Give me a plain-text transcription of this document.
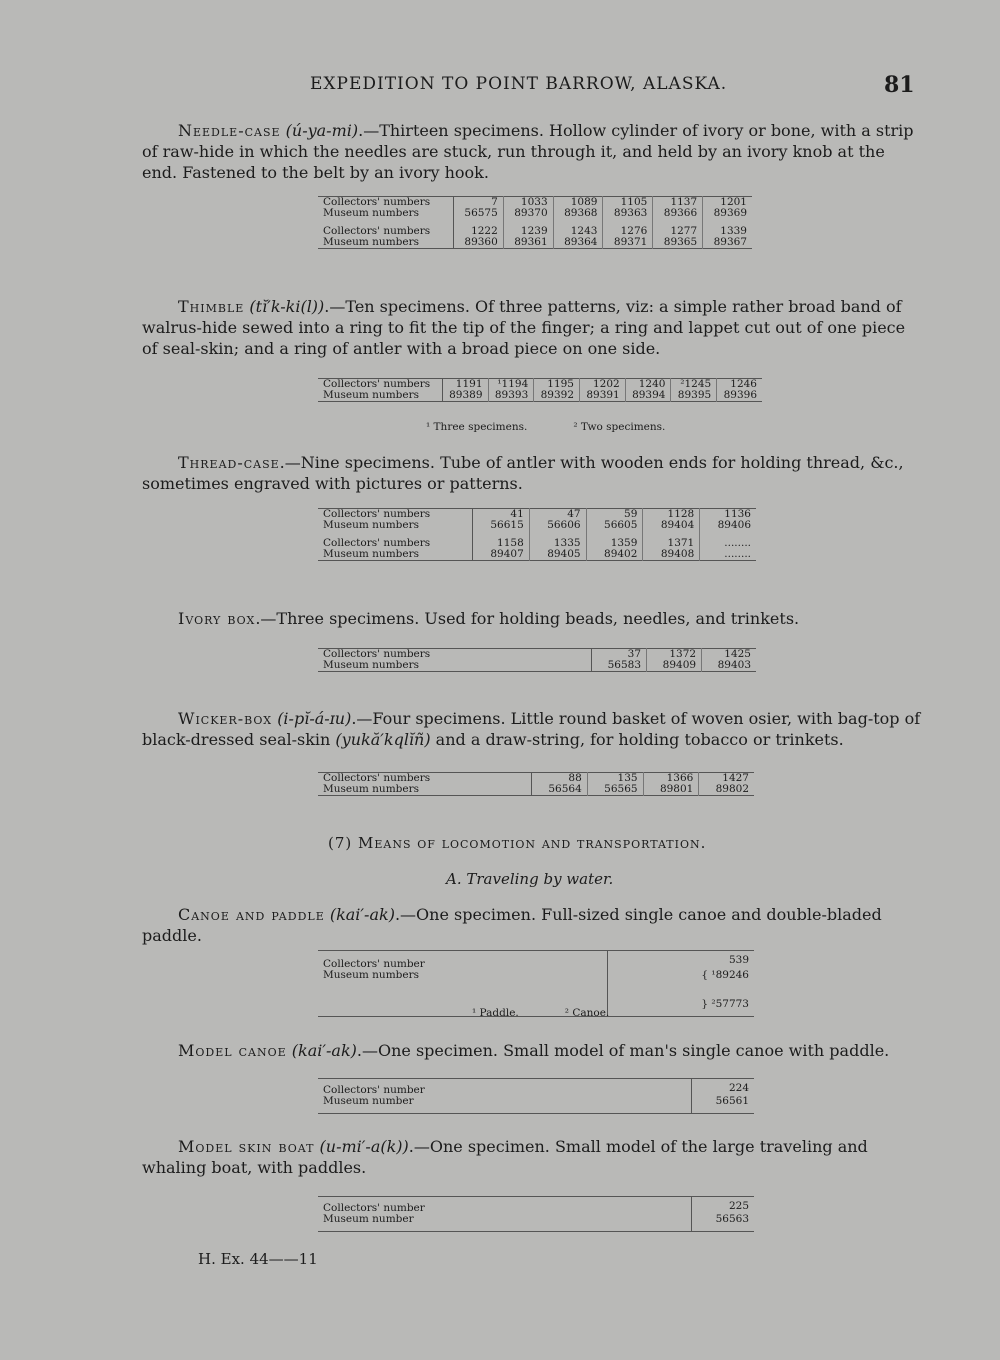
EXPEDITION TO POINT BARROW, ALASKA.	81
Needle-case (ú-ya-mi).—Thirteen specimens. Hollow cylinder of ivory or bone, with a strip of raw-hide in which the needles are stuck, run through it, and held by an ivory knob at the end. Fastened to the belt by an ivory hook.
Collectors' numbers	7	1033	1089	1105	1137	1201
Museum numbers	56575	89370	89368	89363	89366	89369

Collectors' numbers	1222	1239	1243	1276	1277	1339
Museum numbers	89360	89361	89364	89371	89365	89367
Thimble (tĭ′k-ki(l)).—Ten specimens. Of three patterns, viz: a simple rather broad band of walrus-hide sewed into a ring to fit the tip of the finger; a ring and lappet cut out of one piece of seal-skin; and a ring of antler with a broad piece on one side.
Collectors' numbers	1191	¹1194	1195	1202	1240	²1245	1246
Museum numbers	89389	89393	89392	89391	89394	89395	89396
¹ Three specimens.	² Two specimens.
Thread-case.—Nine specimens. Tube of antler with wooden ends for holding thread, &c., sometimes engraved with pictures or patterns.
Collectors' numbers	41	47	59	1128	1136
Museum numbers	56615	56606	56605	89404	89406

Collectors' numbers	1158	1335	1359	1371	........
Museum numbers	89407	89405	89402	89408	........
Ivory box.—Three specimens. Used for holding beads, needles, and trinkets.
Collectors' numbers	37	1372	1425
Museum numbers	56583	89409	89403
Wicker-box (i-pĭ-á-ɪu).—Four specimens. Little round basket of woven osier, with bag-top of black-dressed seal-skin (yukă′kqlĭñ) and a draw-string, for holding tobacco or trinkets.
Collectors' numbers	88	135	1366	1427
Museum numbers	56564	56565	89801	89802
(7) Means of locomotion and transportation.
A. Traveling by water.
Canoe and paddle (kai′-ak).—One specimen. Full-sized single canoe and double-bladed paddle.
Collectors' number	539
Museum numbers	{ ¹89246
	} ²57773
¹ Paddle.	² Canoe.
Model canoe (kai′-ak).—One specimen. Small model of man's single canoe with paddle.
Collectors' number	224
Museum number	56561
Model skin boat (u-mi′-a(k)).—One specimen. Small model of the large traveling and whaling boat, with paddles.
Collectors' number	225
Museum number	56563
H. Ex. 44——11
